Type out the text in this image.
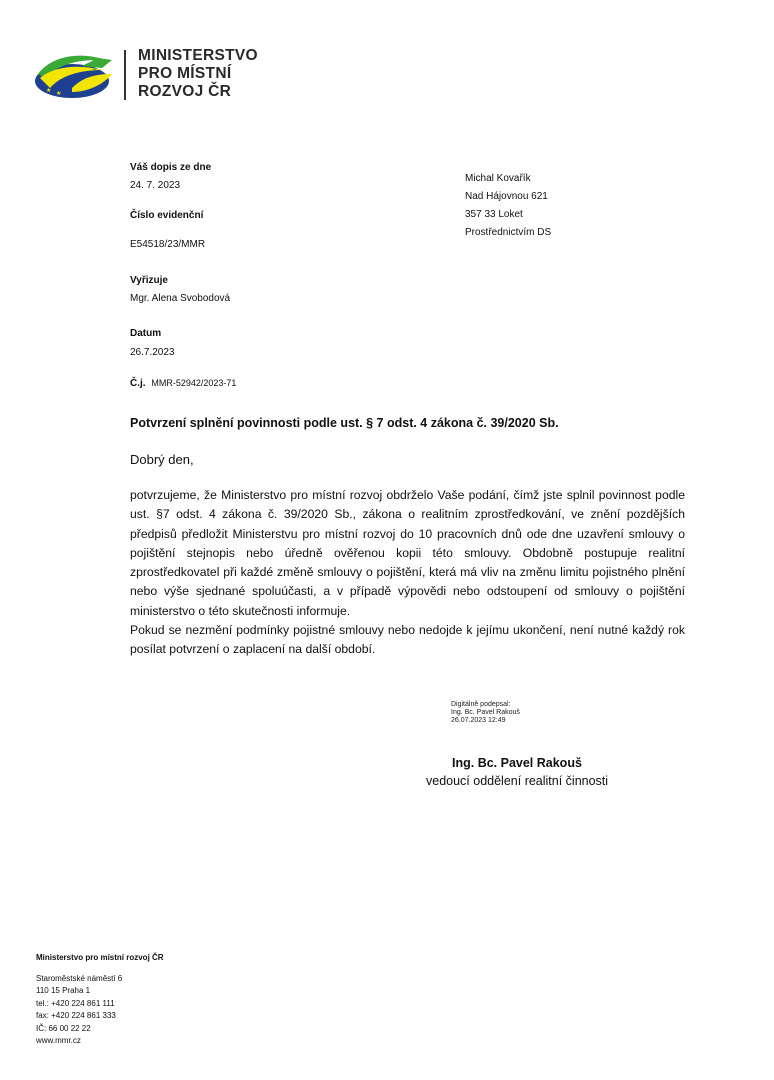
✦
✦
★ ★
MINISTERSTVO
PRO MÍSTNÍ
ROZVOJ ČR
Váš dopis ze dne
24. 7. 2023
Číslo evidenční
E54518/23/MMR
Vyřizuje
Mgr. Alena Svobodová
Datum
26.7.2023
Č.j. MMR-52942/2023-71
Michal Kovařík
Nad Hájovnou 621
357 33 Loket
Prostřednictvím DS
Potvrzení splnění povinnosti podle ust. § 7 odst. 4 zákona č. 39/2020 Sb.
Dobrý den,

potvrzujeme, že Ministerstvo pro místní rozvoj obdrželo Vaše podání, čímž jste splnil povinnost podle ust. §7 odst. 4 zákona č. 39/2020 Sb., zákona o realitním zprostředkování, ve znění pozdějších předpisů předložit Ministerstvu pro místní rozvoj do 10 pracovních dnů ode dne uzavření smlouvy o pojištění stejnopis nebo úředně ověřenou kopii této smlouvy. Obdobně postupuje realitní zprostředkovatel při každé změně smlouvy o pojištění, která má vliv na změnu limitu pojistného plnění nebo výše sjednané spoluúčasti, a v případě výpovědi nebo odstoupení od smlouvy o pojištění ministerstvo o této skutečnosti informuje.

Pokud se nezmění podmínky pojistné smlouvy nebo nedojde k jejímu ukončení, není nutné každý rok posílat potvrzení o zaplacení na další období.

Digitálně podepsal:
Ing. Bc. Pavel Rakouš
26.07.2023 12:49
Ing. Bc. Pavel Rakouš
vedoucí oddělení realitní činnosti
Ministerstvo pro místní rozvoj ČR
Staroměstské náměstí 6
110 15 Praha 1
tel.: +420 224 861 111
fax: +420 224 861 333
IČ: 66 00 22 22
www.mmr.cz
